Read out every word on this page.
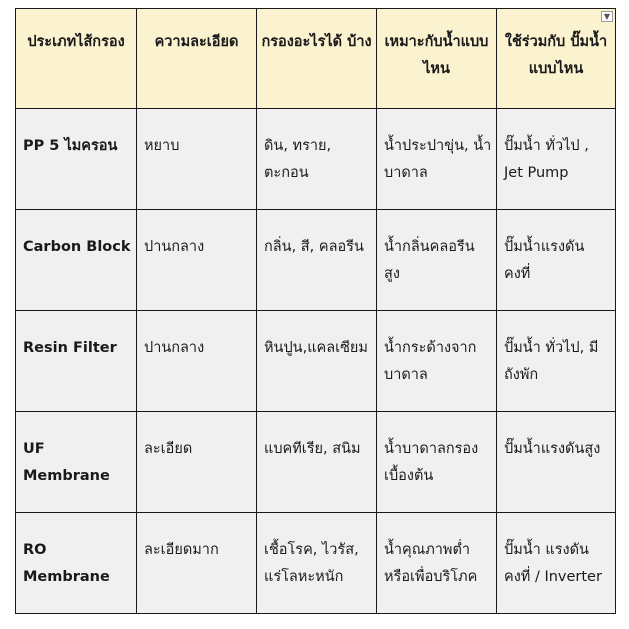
ประเภทไส้กรอง	ความละเอียด	กรองอะไรได้ บ้าง	เหมาะกับน้ำแบบ ไหน	ใช้ร่วมกับ ปั๊มน้ำ แบบไหน
▼

PP 5 ไมครอน	หยาบ	ดิน, ทราย, ตะกอน	น้ำประปาขุ่น, น้ำ บาดาล	ปั๊มน้ำ ทั่วไป , Jet Pump

Carbon Block	ปานกลาง	กลิ่น, สี, คลอรีน	น้ำกลิ่นคลอรีน สูง	ปั๊มน้ำแรงดัน คงที่

Resin Filter	ปานกลาง	หินปูน,แคลเซียม	น้ำกระด้างจาก บาดาล	ปั๊มน้ำ ทั่วไป, มี ถังพัก

UF Membrane	ละเอียด	แบคทีเรีย, สนิม	น้ำบาดาลกรอง เบื้องต้น	ปั๊มน้ำแรงดันสูง

RO Membrane	ละเอียดมาก	เชื้อโรค, ไวรัส, แร่โลหะหนัก	น้ำคุณภาพต่ำ หรือเพื่อบริโภค	ปั๊มน้ำ แรงดัน คงที่ / Inverter
